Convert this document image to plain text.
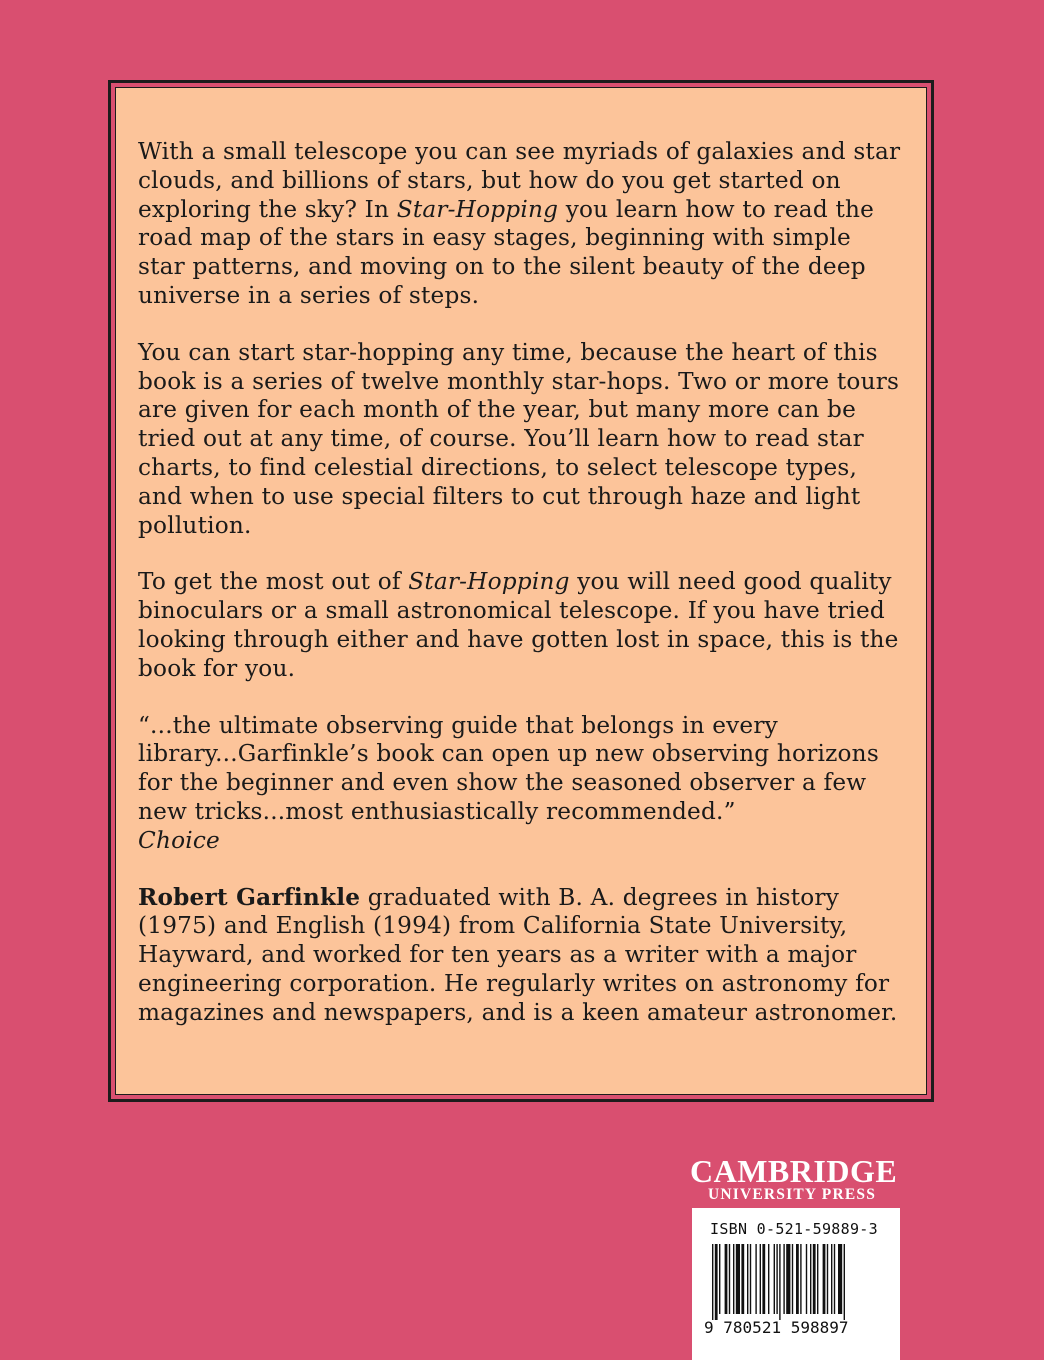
With a small telescope you can see myriads of galaxies and star clouds, and billions of stars, but how do you get started on exploring the sky? In Star-Hopping you learn how to read the road map of the stars in easy stages, beginning with simple star patterns, and moving on to the silent beauty of the deep universe in a series of steps.

You can start star-hopping any time, because the heart of this book is a series of twelve monthly star-hops. Two or more tours are given for each month of the year, but many more can be tried out at any time, of course. You’ll learn how to read star charts, to find celestial directions, to select telescope types, and when to use special filters to cut through haze and light pollution.

To get the most out of Star-Hopping you will need good quality binoculars or a small astronomical telescope. If you have tried looking through either and have gotten lost in space, this is the book for you.

“...the ultimate observing guide that belongs in every library...Garfinkle’s book can open up new observing horizons for the beginner and even show the seasoned observer a few new tricks...most enthusiastically recommended.”
Choice

Robert Garfinkle graduated with B. A. degrees in history (1975) and English (1994) from California State University, Hayward, and worked for ten years as a writer with a major engineering corporation. He regularly writes on astronomy for magazines and newspapers, and is a keen amateur astronomer.

CAMBRIDGE
UNIVERSITY PRESS
ISBN 0-521-59889-3
9 780521 598897
